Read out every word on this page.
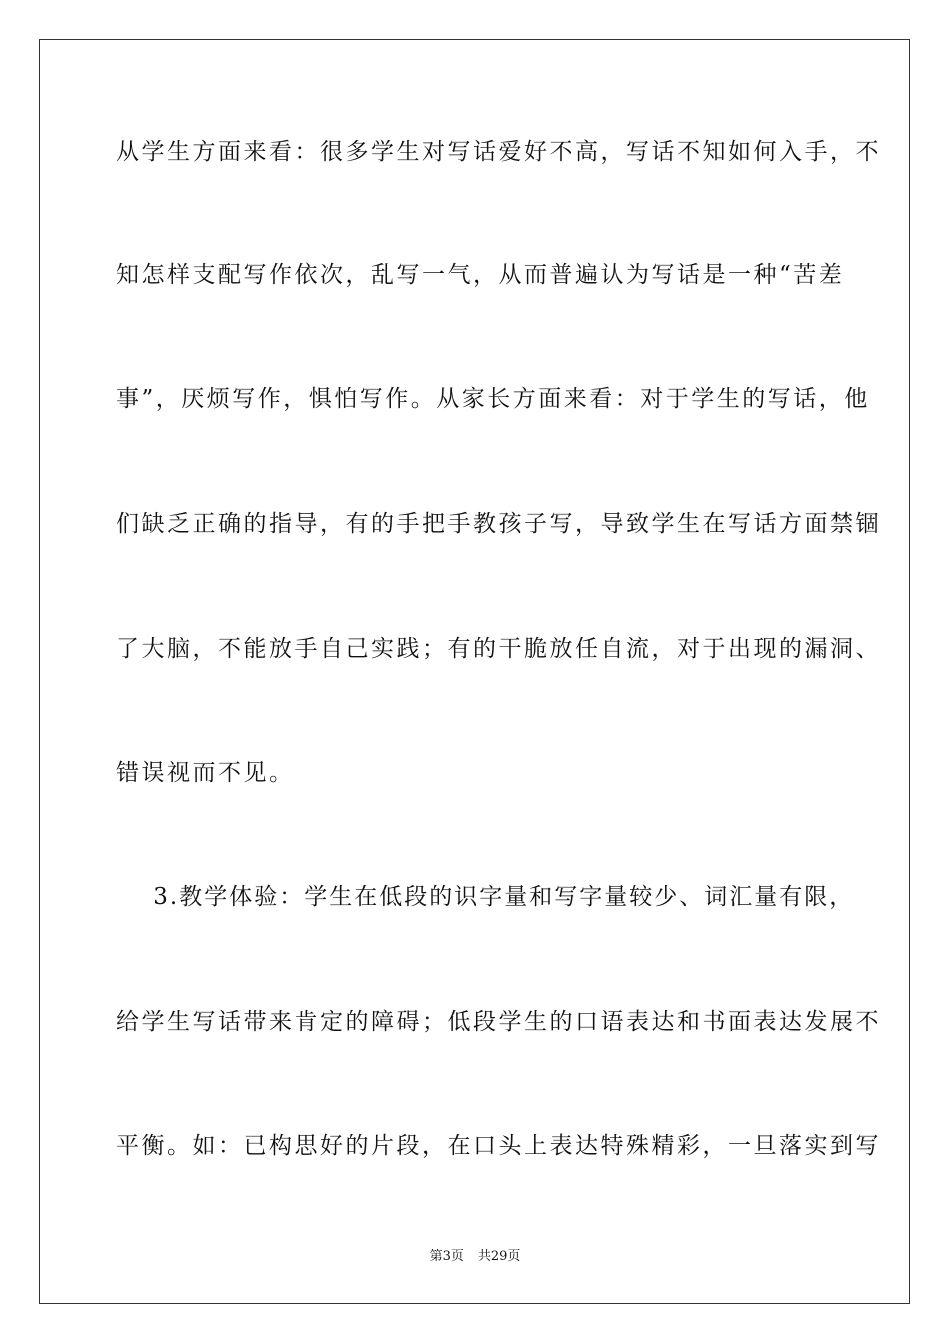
从学生方面来看：很多学生对写话爱好不高，写话不知如何入手，不
知怎样支配写作依次，乱写一气，从而普遍认为写话是一种“苦差
事”，厌烦写作，惧怕写作。从家长方面来看：对于学生的写话，他
们缺乏正确的指导，有的手把手教孩子写，导致学生在写话方面禁锢
了大脑，不能放手自己实践；有的干脆放任自流，对于出现的漏洞、
错误视而不见。
3.教学体验：学生在低段的识字量和写字量较少、词汇量有限，
给学生写话带来肯定的障碍；低段学生的口语表达和书面表达发展不
平衡。如：已构思好的片段，在口头上表达特殊精彩，一旦落实到写
第3页 共29页
